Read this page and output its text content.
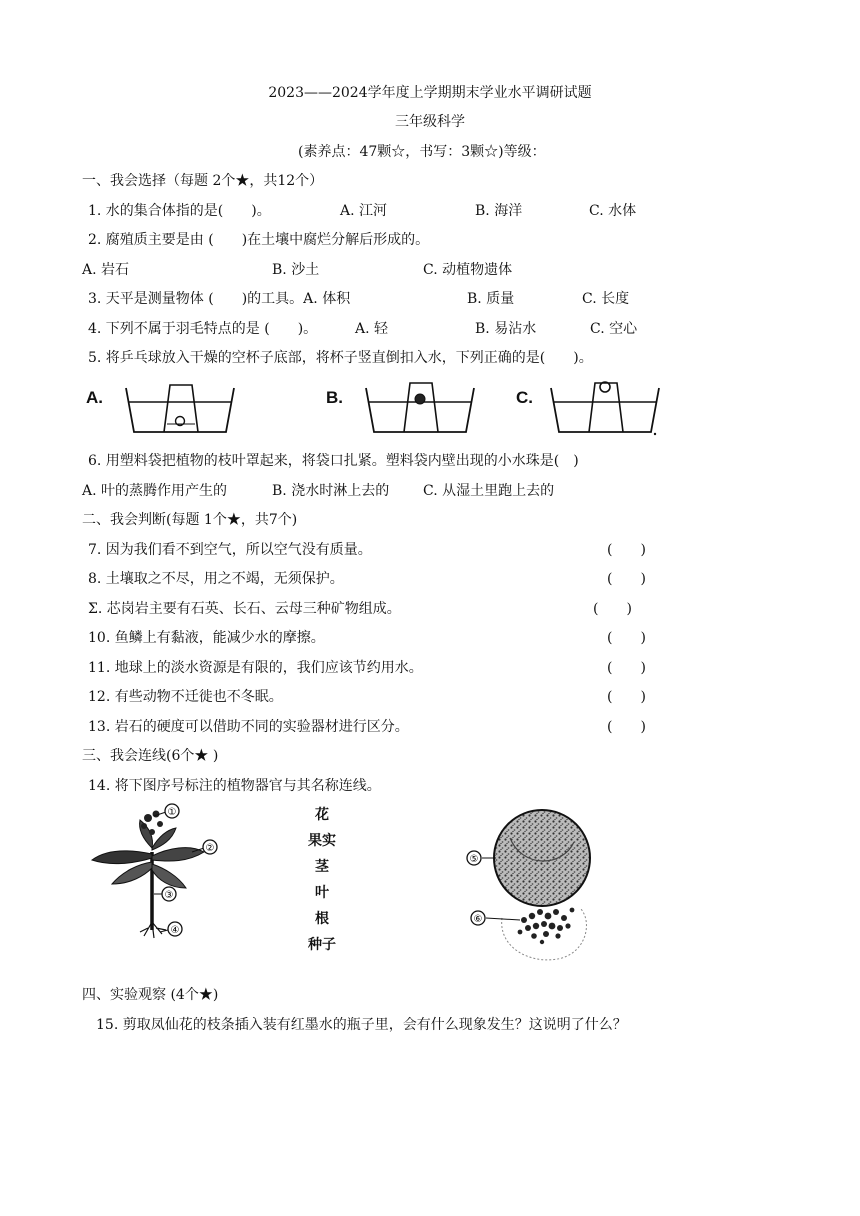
2023——2024学年度上学期期末学业水平调研试题
三年级科学
(素养点：47颗☆，书写：3颗☆)等级：
一、我会选择（每题 2个★，共12个）
1. 水的集合体指的是(　　)。	A. 江河	B. 海洋	C. 水体
2. 腐殖质主要是由 (　　)在土壤中腐烂分解后形成的。
A. 岩石	B. 沙土	C. 动植物遗体
3. 天平是测量物体 (　　)的工具。A. 体积	B. 质量	C. 长度
4. 下列不属于羽毛特点的是 (　　)。	A. 轻	B. 易沾水	C. 空心
5. 将乒乓球放入干燥的空杯子底部，将杯子竖直倒扣入水，下列正确的是(　　)。
A.	B.	C.
6. 用塑料袋把植物的枝叶罩起来，将袋口扎紧。塑料袋内壁出现的小水珠是(　)
A. 叶的蒸腾作用产生的	B. 浇水时淋上去的 C. 从湿土里跑上去的
二、我会判断(每题 1个★，共7个)
7. 因为我们看不到空气，所以空气没有质量。	(　　)
8. 土壤取之不尽，用之不竭，无须保护。	(　　)
Σ. 芯岗岩主要有石英、长石、云母三种矿物组成。	(　　)
10. 鱼鳞上有黏液，能减少水的摩擦。	(　　)
11. 地球上的淡水资源是有限的，我们应该节约用水。	(　　)
12. 有些动物不迁徙也不冬眠。	(　　)
13. 岩石的硬度可以借助不同的实验器材进行区分。	(　　)
三、我会连线(6个★ )
14. 将下图序号标注的植物器官与其名称连线。
①
②
③
④
花
果实
茎
叶
根
种子
⑤
⑥
四、实验观察 (4个★)
15. 剪取凤仙花的枝条插入装有红墨水的瓶子里，会有什么现象发生？这说明了什么？
